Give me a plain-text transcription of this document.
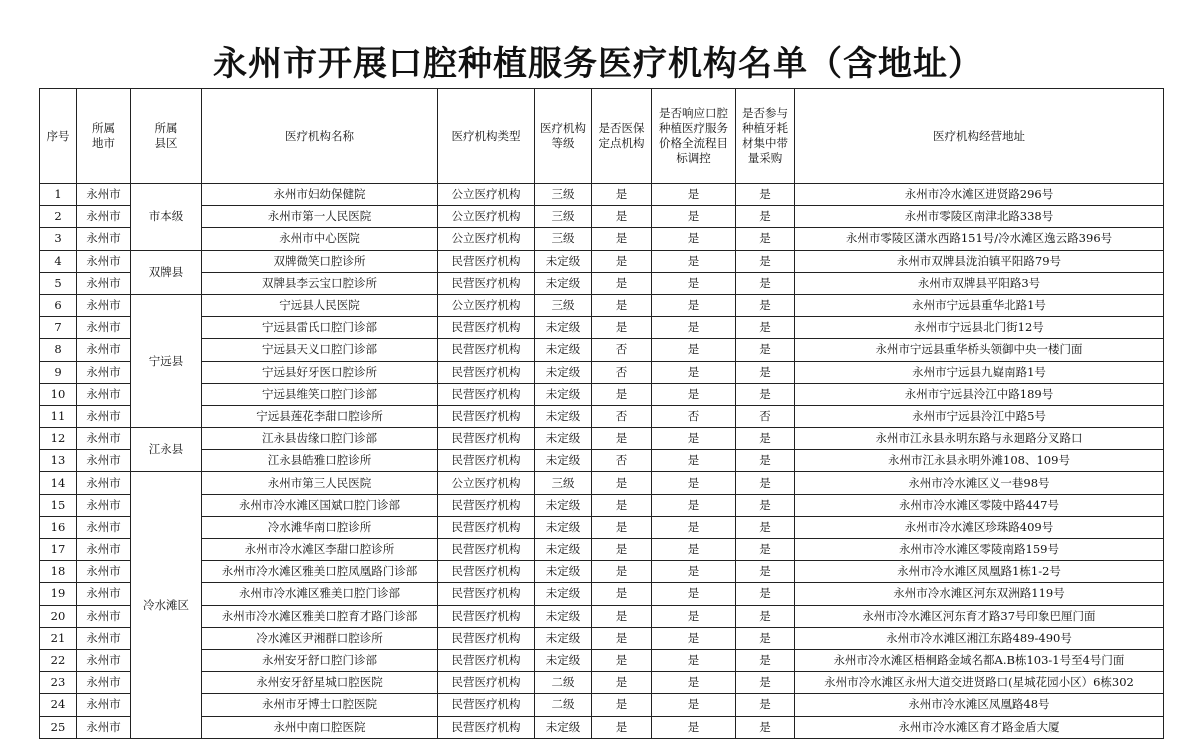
永州市开展口腔种植服务医疗机构名单（含地址）
序号	所属地市	所属县区	医疗机构名称	医疗机构类型	医疗机构等级	是否医保定点机构	是否响应口腔种植医疗服务价格全流程目标调控	是否参与种植牙耗材集中带量采购	医疗机构经营地址
1	永州市	市本级	永州市妇幼保健院	公立医疗机构	三级	是	是	是	永州市冷水滩区进贤路296号
2	永州市		永州市第一人民医院	公立医疗机构	三级	是	是	是	永州市零陵区南津北路338号
3	永州市		永州市中心医院	公立医疗机构	三级	是	是	是	永州市零陵区潇水西路151号/冷水滩区逸云路396号
4	永州市	双牌县	双牌微笑口腔诊所	民营医疗机构	未定级	是	是	是	永州市双牌县泷泊镇平阳路79号
5	永州市		双牌县李云宝口腔诊所	民营医疗机构	未定级	是	是	是	永州市双牌县平阳路3号
6	永州市	宁远县	宁远县人民医院	公立医疗机构	三级	是	是	是	永州市宁远县重华北路1号
7	永州市		宁远县雷氏口腔门诊部	民营医疗机构	未定级	是	是	是	永州市宁远县北门街12号
8	永州市		宁远县天义口腔门诊部	民营医疗机构	未定级	否	是	是	永州市宁远县重华桥头领御中央一楼门面
9	永州市		宁远县好牙医口腔诊所	民营医疗机构	未定级	否	是	是	永州市宁远县九嶷南路1号
10	永州市		宁远县维笑口腔门诊部	民营医疗机构	未定级	是	是	是	永州市宁远县泠江中路189号
11	永州市		宁远县莲花李甜口腔诊所	民营医疗机构	未定级	否	否	否	永州市宁远县泠江中路5号
12	永州市	江永县	江永县齿缘口腔门诊部	民营医疗机构	未定级	是	是	是	永州市江永县永明东路与永廻路分叉路口
13	永州市		江永县皓雅口腔诊所	民营医疗机构	未定级	否	是	是	永州市江永县永明外滩108、109号
14	永州市	冷水滩区	永州市第三人民医院	公立医疗机构	三级	是	是	是	永州市冷水滩区义一巷98号
15	永州市		永州市冷水滩区国斌口腔门诊部	民营医疗机构	未定级	是	是	是	永州市冷水滩区零陵中路447号
16	永州市		冷水滩华南口腔诊所	民营医疗机构	未定级	是	是	是	永州市冷水滩区珍珠路409号
17	永州市		永州市冷水滩区李甜口腔诊所	民营医疗机构	未定级	是	是	是	永州市冷水滩区零陵南路159号
18	永州市		永州市冷水滩区雅美口腔凤凰路门诊部	民营医疗机构	未定级	是	是	是	永州市冷水滩区凤凰路1栋1-2号
19	永州市		永州市冷水滩区雅美口腔门诊部	民营医疗机构	未定级	是	是	是	永州市冷水滩区河东双洲路119号
20	永州市		永州市冷水滩区雅美口腔育才路门诊部	民营医疗机构	未定级	是	是	是	永州市冷水滩区河东育才路37号印象巴厘门面
21	永州市		冷水滩区尹湘群口腔诊所	民营医疗机构	未定级	是	是	是	永州市冷水滩区湘江东路489-490号
22	永州市		永州安牙舒口腔门诊部	民营医疗机构	未定级	是	是	是	永州市冷水滩区梧桐路金域名都A.B栋103-1号至4号门面
23	永州市		永州安牙舒星城口腔医院	民营医疗机构	二级	是	是	是	永州市冷水滩区永州大道交进贤路口(星城花园小区）6栋302
24	永州市		永州市牙博士口腔医院	民营医疗机构	二级	是	是	是	永州市冷水滩区凤凰路48号
25	永州市		永州中南口腔医院	民营医疗机构	未定级	是	是	是	永州市冷水滩区育才路金盾大厦
